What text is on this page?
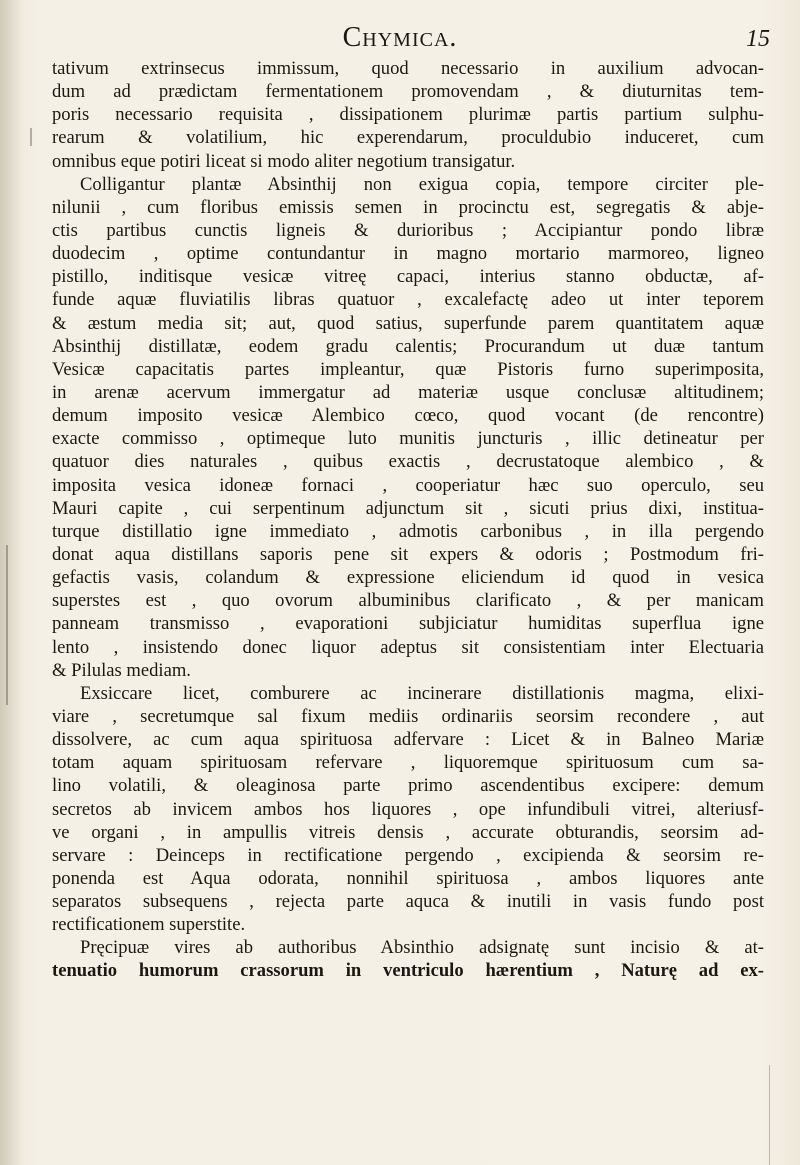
Chymica.	15
tativum extrinsecus immissum, quod necessario in auxilium advocan-
dum ad prædictam fermentationem promovendam , & diuturnitas tem-
poris necessario requisita , dissipationem plurimæ partis partium sulphu-
rearum & volatilium, hic experendarum, proculdubio induceret, cum
omnibus eque potiri liceat si modo aliter negotium transigatur.
Colligantur plantæ Absinthij non exigua copia, tempore circiter ple-
nilunii , cum floribus emissis semen in procinctu est, segregatis & abje-
ctis partibus cunctis ligneis & durioribus ; Accipiantur pondo libræ
duodecim , optime contundantur in magno mortario marmoreo, ligneo
pistillo, inditisque vesicæ vitreę capaci, interius stanno obductæ, af-
funde aquæ fluviatilis libras quatuor , excalefactę adeo ut inter teporem
& æstum media sit; aut, quod satius, superfunde parem quantitatem aquæ
Absinthij distillatæ, eodem gradu calentis; Procurandum ut duæ tantum
Vesicæ capacitatis partes impleantur, quæ Pistoris furno superimposita,
in arenæ acervum immergatur ad materiæ usque conclusæ altitudinem;
demum imposito vesicæ Alembico cœco, quod vocant (de rencontre)
exacte commisso , optimeque luto munitis juncturis , illic detineatur per
quatuor dies naturales , quibus exactis , decrustatoque alembico , &
imposita vesica idoneæ fornaci , cooperiatur hæc suo operculo, seu
Mauri capite , cui serpentinum adjunctum sit , sicuti prius dixi, institua-
turque distillatio igne immediato , admotis carbonibus , in illa pergendo
donat aqua distillans saporis pene sit expers & odoris ; Postmodum fri-
gefactis vasis, colandum & expressione eliciendum id quod in vesica
superstes est , quo ovorum albuminibus clarificato , & per manicam
panneam transmisso , evaporationi subjiciatur humiditas superflua igne
lento , insistendo donec liquor adeptus sit consistentiam inter Electuaria
& Pilulas mediam.
Exsiccare licet, comburere ac incinerare distillationis magma, elixi-
viare , secretumque sal fixum mediis ordinariis seorsim recondere , aut
dissolvere, ac cum aqua spirituosa adfervare : Licet & in Balneo Mariæ
totam aquam spirituosam refervare , liquoremque spirituosum cum sa-
lino volatili, & oleaginosa parte primo ascendentibus excipere: demum
secretos ab invicem ambos hos liquores , ope infundibuli vitrei, alteriusf-
ve organi , in ampullis vitreis densis , accurate obturandis, seorsim ad-
servare : Deinceps in rectificatione pergendo , excipienda & seorsim re-
ponenda est Aqua odorata, nonnihil spirituosa , ambos liquores ante
separatos subsequens , rejecta parte aquca & inutili in vasis fundo post
rectificationem superstite.
Pręcipuæ vires ab authoribus Absinthio adsignatę sunt incisio & at-
tenuatio humorum crassorum in ventriculo hærentium , Naturę ad ex-
